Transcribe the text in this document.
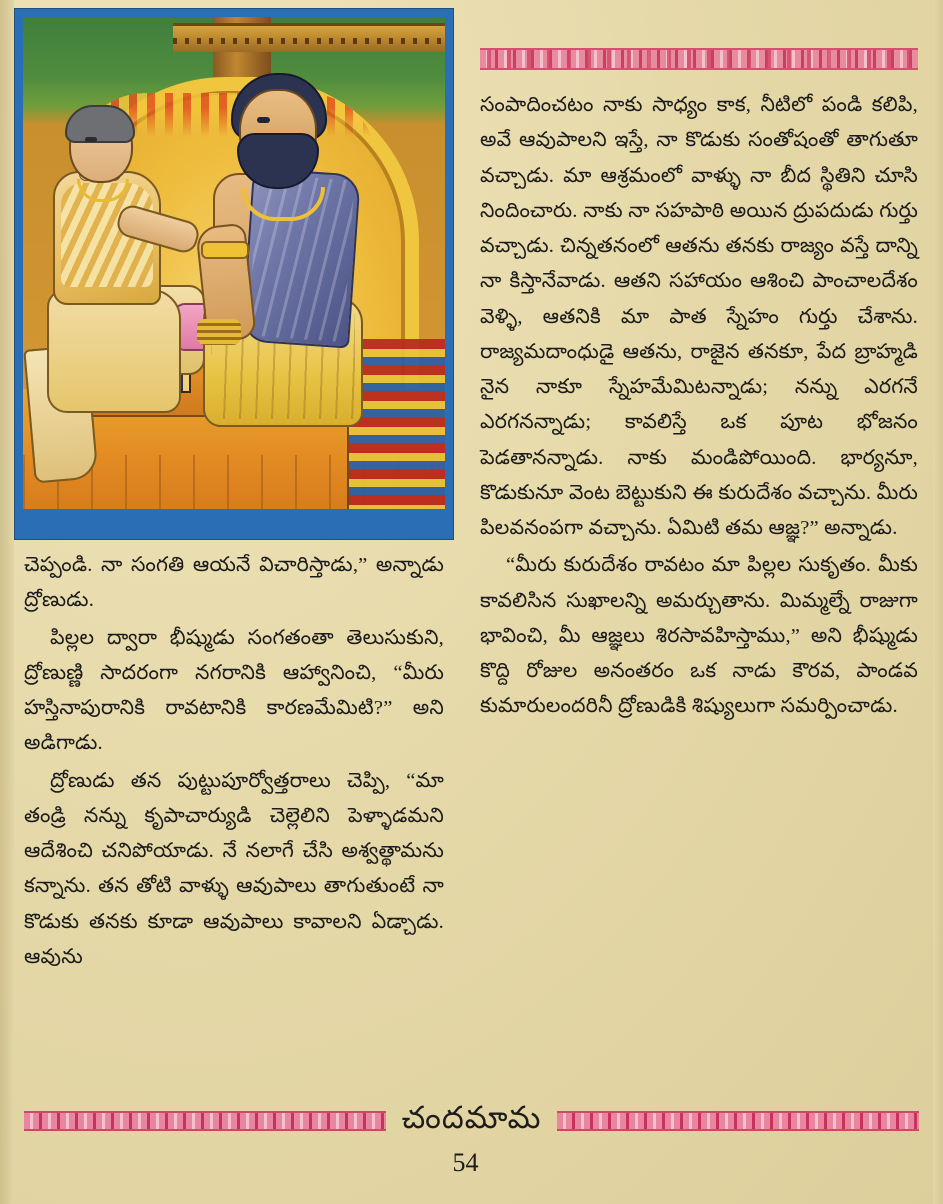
సంపాదించటం నాకు సాధ్యం కాక, నీటిలో పండి కలిపి, అవే ఆవుపాలని ఇస్తే, నా కొడుకు సంతోషంతో తాగుతూ వచ్చాడు. మా ఆశ్రమంలో వాళ్ళు నా బీద స్థితిని చూసి నిందించారు. నాకు నా సహపాఠి అయిన ద్రుపదుడు గుర్తు వచ్చాడు. చిన్నతనంలో ఆతను తనకు రాజ్యం వస్తే దాన్ని నా కిస్తానేవాడు. ఆతని సహాయం ఆశించి పాంచాలదేశం వెళ్ళి, ఆతనికి మా పాత స్నేహం గుర్తు చేశాను. రాజ్యమదాంధుడై ఆతను, రాజైన తనకూ, పేద బ్రాహ్మడి నైన నాకూ స్నేహమేమిటన్నాడు; నన్ను ఎరగనే ఎరగనన్నాడు; కావలిస్తే ఒక పూట భోజనం పెడతానన్నాడు. నాకు మండిపోయింది. భార్యనూ, కొడుకునూ వెంట బెట్టుకుని ఈ కురుదేశం వచ్చాను. మీరు పిలవనంపగా వచ్చాను. ఏమిటి తమ ఆజ్ఞ?” అన్నాడు.

“మీరు కురుదేశం రావటం మా పిల్లల సుకృతం. మీకు కావలిసిన సుఖాలన్ని అమర్చుతాను. మిమ్మల్నే రాజుగా భావించి, మీ ఆజ్ఞలు శిరసావహిస్తాము,” అని భీష్ముడు కొద్ది రోజుల అనంతరం ఒక నాడు కౌరవ, పాండవ కుమారులందరినీ ద్రోణుడికి శిష్యులుగా సమర్పించాడు.

చెప్పండి. నా సంగతి ఆయనే విచారిస్తాడు,” అన్నాడు ద్రోణుడు.

పిల్లల ద్వారా భీష్ముడు సంగతంతా తెలుసుకుని, ద్రోణుణ్ణి సాదరంగా నగరానికి ఆహ్వానించి, “మీరు హస్తినాపురానికి రావటానికి కారణమేమిటి?” అని అడిగాడు.

ద్రోణుడు తన పుట్టుపూర్వోత్తరాలు చెప్పి, “మా తండ్రి నన్ను కృపాచార్యుడి చెల్లెలిని పెళ్ళాడమని ఆదేశించి చనిపోయాడు. నే నలాగే చేసి అశ్వత్థామను కన్నాను. తన తోటి వాళ్ళు ఆవుపాలు తాగుతుంటే నా కొడుకు తనకు కూడా ఆవుపాలు కావాలని ఏడ్చాడు. ఆవును

చందమామ
54
